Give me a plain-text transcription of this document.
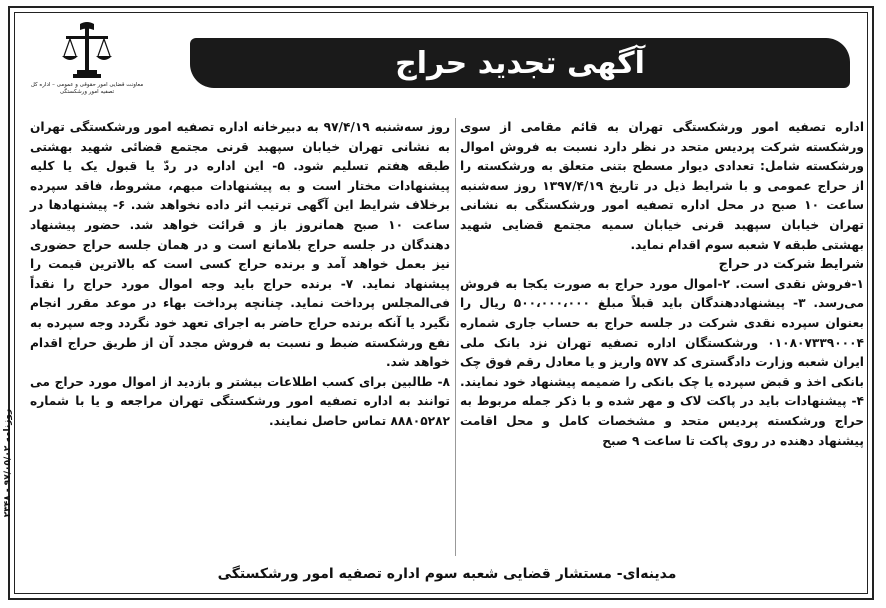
معاونت قضایی امور حقوقی و عمومی – اداره کل تصفیه امور ورشکستگی
آگهی تجدید حراج
اداره تصفیه امور ورشکستگی تهران به قائم مقامی از سوی ورشکسته شرکت پردیس متحد در نظر دارد نسبت به فروش اموال ورشکسته شامل: تعدادی دیوار مسطح بتنی متعلق به ورشکسته را از حراج عمومی و با شرایط ذیل در تاریخ ۱۳۹۷/۴/۱۹ روز سه‌شنبه ساعت ۱۰ صبح در محل اداره تصفیه امور ورشکستگی به نشانی تهران خیابان سپهبد قرنی خیابان سمیه مجتمع قضایی شهید بهشتی طبقه ۷ شعبه سوم اقدام نماید.
شرایط شرکت در حراج
۱-فروش نقدی است. ۲-اموال مورد حراج به صورت یکجا به فروش می‌رسد. ۳- پیشنهاددهندگان باید قبلاً مبلغ ۵۰۰،۰۰۰،۰۰۰ ریال را بعنوان سپرده نقدی شرکت در جلسه حراج به حساب جاری شماره ۰۱۰۸۰۷۳۳۹۰۰۰۴ ورشکستگان اداره تصفیه تهران نزد بانک ملی ایران شعبه وزارت دادگستری کد ۵۷۷ واریز و یا معادل رقم فوق چک بانکی اخذ و قبض سپرده یا چک بانکی را ضمیمه پیشنهاد خود نمایند. ۴- پیشنهادات باید در پاکت لاک و مهر شده و با ذکر جمله مربوط به حراج ورشکسته پردیس متحد و مشخصات کامل و محل اقامت پیشنهاد دهنده در روی پاکت تا ساعت ۹ صبح
روز سه‌شنبه ۹۷/۴/۱۹ به دبیرخانه اداره تصفیه امور ورشکستگی تهران به نشانی تهران خیابان سپهبد قرنی مجتمع قضائی شهید بهشتی طبقه هفتم تسلیم شود. ۵- این اداره در ردّ یا قبول یک یا کلیه پیشنهادات مختار است و به پیشنهادات مبهم، مشروط، فاقد سپرده برخلاف شرایط این آگهی ترتیب اثر داده نخواهد شد. ۶- پیشنهادها در ساعت ۱۰ صبح همانروز باز و قرائت خواهد شد. حضور پیشنهاد دهندگان در جلسه حراج بلامانع است و در همان جلسه حراج حضوری نیز بعمل خواهد آمد و برنده حراج کسی است که بالاترین قیمت را پیشنهاد نماید. ۷- برنده حراج باید وجه اموال مورد حراج را نقداً فی‌المجلس پرداخت نماید. چنانچه پرداخت بهاء در موعد مقرر انجام نگیرد یا آنکه برنده حراج حاضر به اجرای تعهد خود نگردد وجه سپرده به نفع ورشکسته ضبط و نسبت به فروش مجدد آن از طریق حراج اقدام خواهد شد.
۸- طالبین برای کسب اطلاعات بیشتر و بازدید از اموال مورد حراج می توانند به اداره تصفیه امور ورشکستگی تهران مراجعه و یا با شماره ۸۸۸۰۵۲۸۲ تماس حاصل نمایند.
مدینه‌ای- مستشار قضایی شعبه سوم اداره تصفیه امور ورشکستگی
روزنامه ۹۷/۰۵/۰۲ - ۲۳۴۸
